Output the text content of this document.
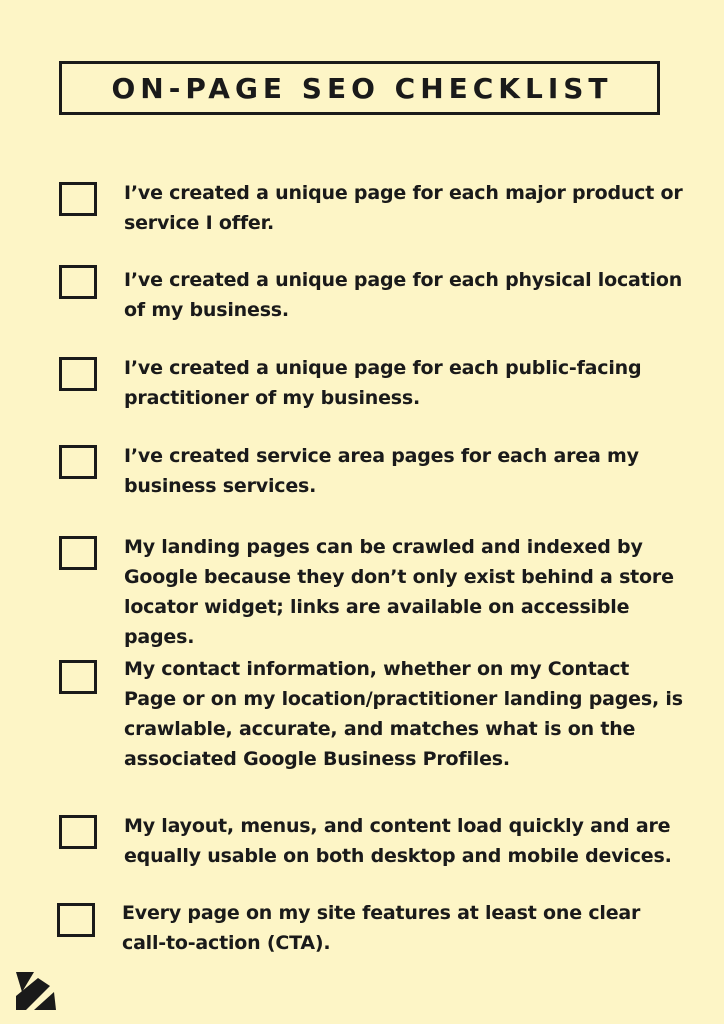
ON-PAGE SEO CHECKLIST
I’ve created a unique page for each major product or service I offer.
I’ve created a unique page for each physical location of my business.
I’ve created a unique page for each public-facing practitioner of my business.
I’ve created service area pages for each area my business services.
My landing pages can be crawled and indexed by Google because they don’t only exist behind a store locator widget; links are available on accessible pages.
My contact information, whether on my Contact Page or on my location/practitioner landing pages, is crawlable, accurate, and matches what is on the associated Google Business Profiles.
My layout, menus, and content load quickly and are equally usable on both desktop and mobile devices.
Every page on my site features at least one clear call-to-action (CTA).
